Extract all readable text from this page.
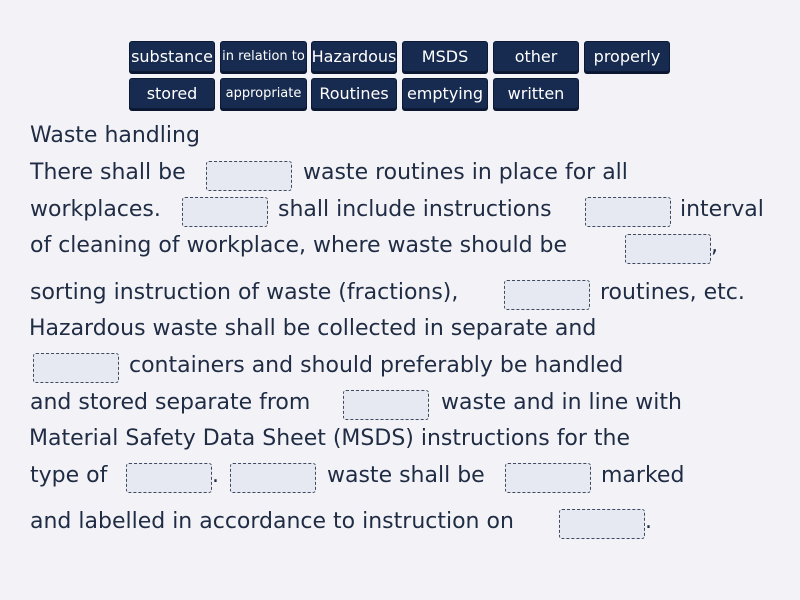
substance in relation to Hazardous	MSDS	other	properly
stored	appropriate	Routines	emptying	written
Waste handling
There shall be	waste routines in place for all
workplaces.	shall include instructions	interval
of cleaning of workplace, where waste should be	,
sorting instruction of waste (fractions),	routines, etc.
Hazardous waste shall be collected in separate and
containers and should preferably be handled
and stored separate from	waste and in line with
Material Safety Data Sheet (MSDS) instructions for the
type of	.	waste shall be	marked
and labelled in accordance to instruction on	.
